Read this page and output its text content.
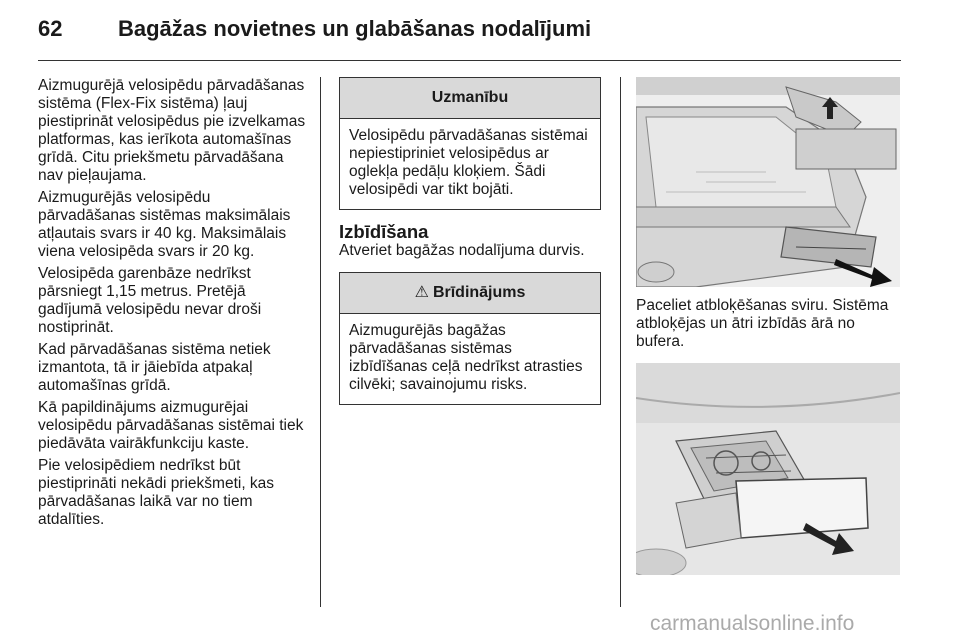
62	Bagāžas novietnes un glabāšanas nodalījumi

Aizmugurējā velosipēdu pārvadāšanas sistēma (Flex-Fix sistēma) ļauj piestiprināt velosipēdus pie izvelkamas platformas, kas ierīkota automašīnas grīdā. Citu priekšmetu pārvadāšana nav pieļaujama.

Aizmugurējās velosipēdu pārvadāšanas sistēmas maksimālais atļautais svars ir 40 kg. Maksimālais viena velosipēda svars ir 20 kg.

Velosipēda garenbāze nedrīkst pārsniegt 1,15 metrus. Pretējā gadījumā velosipēdu nevar droši nostiprināt.

Kad pārvadāšanas sistēma netiek izmantota, tā ir jāiebīda atpakaļ automašīnas grīdā.

Kā papildinājums aizmugurējai velosipēdu pārvadāšanas sistēmai tiek piedāvāta vairākfunkciju kaste.

Pie velosipēdiem nedrīkst būt piestiprināti nekādi priekšmeti, kas pārvadāšanas laikā var no tiem atdalīties.

Uzmanību
Velosipēdu pārvadāšanas sistēmai nepiestipriniet velosipēdus ar oglekļa pedāļu kloķiem. Šādi velosipēdi var tikt bojāti.
Izbīdīšana

Atveriet bagāžas nodalījuma durvis.

⚠ Brīdinājums
Aizmugurējās bagāžas pārvadāšanas sistēmas izbīdīšanas ceļā nedrīkst atrasties cilvēki; savainojumu risks.
Paceliet atbloķēšanas sviru. Sistēma atbloķējas un ātri izbīdās ārā no bufera.
carmanualsonline.info
